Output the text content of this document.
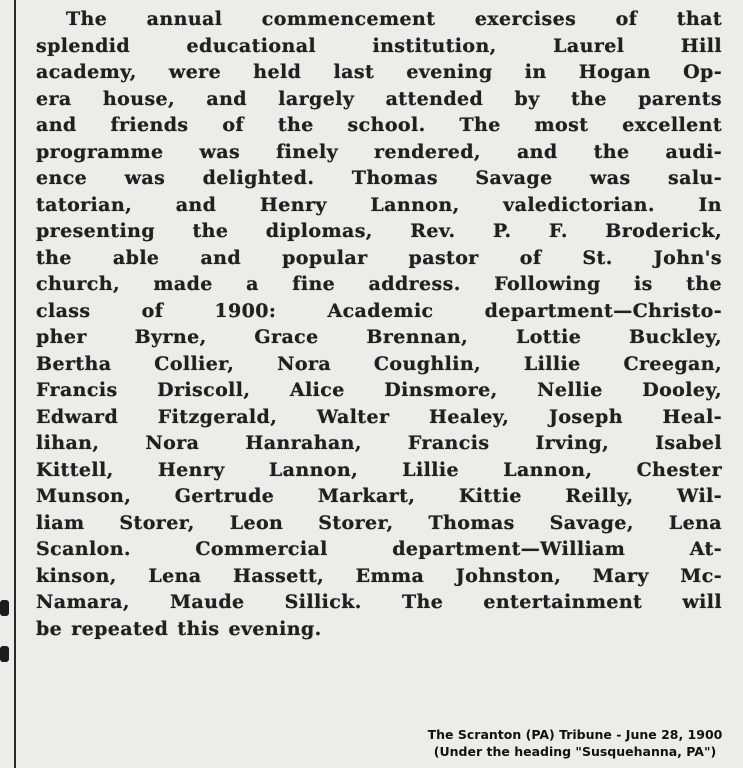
The annual commencement exercises of that
splendid educational institution, Laurel Hill
academy, were held last evening in Hogan Op-
era house, and largely attended by the parents
and friends of the school. The most excellent
programme was finely rendered, and the audi-
ence was delighted. Thomas Savage was salu-
tatorian, and Henry Lannon, valedictorian. In
presenting the diplomas, Rev. P. F. Broderick,
the able and popular pastor of St. John's
church, made a fine address. Following is the
class of 1900: Academic department—Christo-
pher Byrne, Grace Brennan, Lottie Buckley,
Bertha Collier, Nora Coughlin, Lillie Creegan,
Francis Driscoll, Alice Dinsmore, Nellie Dooley,
Edward Fitzgerald, Walter Healey, Joseph Heal-
lihan, Nora Hanrahan, Francis Irving, Isabel
Kittell, Henry Lannon, Lillie Lannon, Chester
Munson, Gertrude Markart, Kittie Reilly, Wil-
liam Storer, Leon Storer, Thomas Savage, Lena
Scanlon. Commercial department—William At-
kinson, Lena Hassett, Emma Johnston, Mary Mc-
Namara, Maude Sillick. The entertainment will
be repeated this evening.
The Scranton (PA) Tribune - June 28, 1900
(Under the heading "Susquehanna, PA")
